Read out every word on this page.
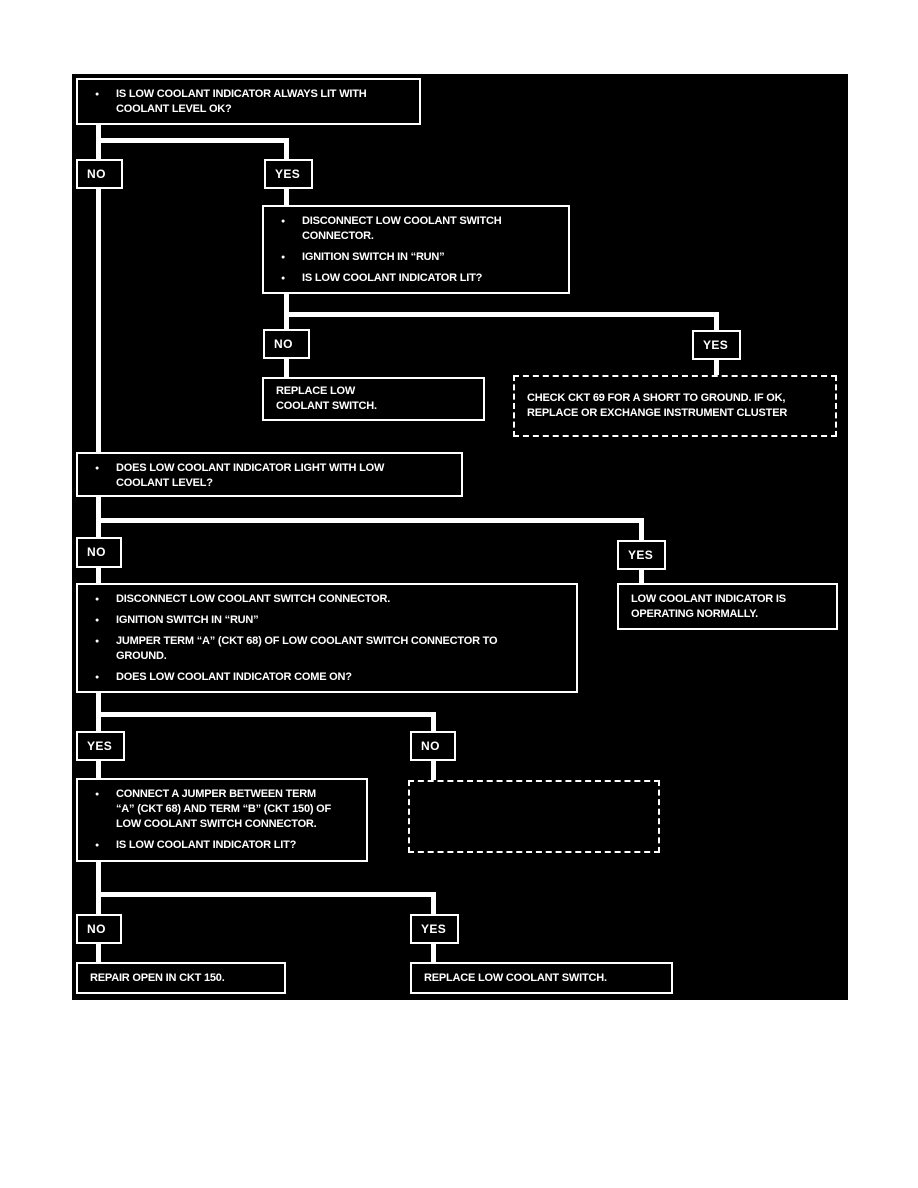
●	IS LOW COOLANT INDICATOR ALWAYS LIT WITH
COOLANT LEVEL OK?
NO	YES
●	DISCONNECT LOW COOLANT SWITCH
CONNECTOR.
●	IGNITION SWITCH IN “RUN”
●	IS LOW COOLANT INDICATOR LIT?
NO	YES
REPLACE LOW
COOLANT SWITCH.
CHECK CKT 69 FOR A SHORT TO GROUND. IF OK,
REPLACE OR EXCHANGE INSTRUMENT CLUSTER
●	DOES LOW COOLANT INDICATOR LIGHT WITH LOW
COOLANT LEVEL?
NO	YES
●	DISCONNECT LOW COOLANT SWITCH CONNECTOR.
●	IGNITION SWITCH IN “RUN”
●	JUMPER TERM “A” (CKT 68) OF LOW COOLANT SWITCH CONNECTOR TO
GROUND.
●	DOES LOW COOLANT INDICATOR COME ON?
LOW COOLANT INDICATOR IS
OPERATING NORMALLY.
YES	NO
●	CONNECT A JUMPER BETWEEN TERM
“A” (CKT 68) AND TERM “B” (CKT 150) OF
LOW COOLANT SWITCH CONNECTOR.
●	IS LOW COOLANT INDICATOR LIT?
NO	YES
REPAIR OPEN IN CKT 150.	REPLACE LOW COOLANT SWITCH.
